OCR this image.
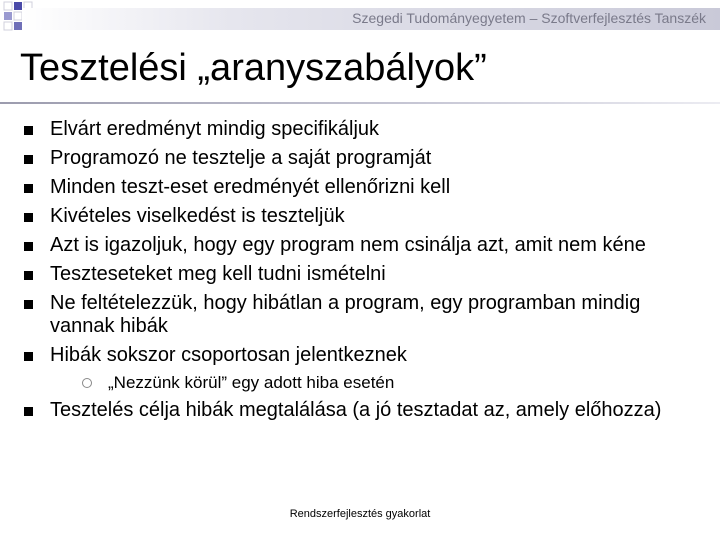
Szegedi Tudományegyetem – Szoftverfejlesztés Tanszék
Tesztelési „aranyszabályok”
Elvárt eredményt mindig specifikáljuk
Programozó ne tesztelje a saját programját
Minden teszt-eset eredményét ellenőrizni kell
Kivételes viselkedést is teszteljük
Azt is igazoljuk, hogy egy program nem csinálja azt, amit nem kéne
Teszteseteket meg kell tudni ismételni
Ne feltételezzük, hogy hibátlan a program, egy programban mindig vannak hibák
Hibák sokszor csoportosan jelentkeznek
„Nezzünk körül” egy adott hiba esetén
Tesztelés célja hibák megtalálása (a jó tesztadat az, amely előhozza)
Rendszerfejlesztés gyakorlat
